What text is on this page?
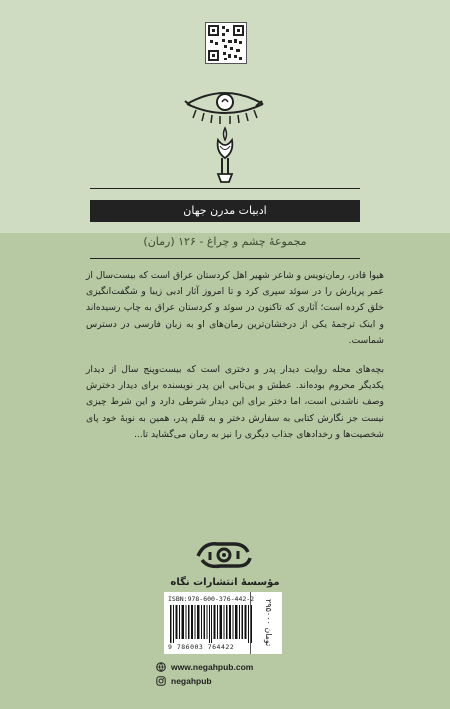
ادبیات مدرن جهان
مجموعهٔ چشم و چراغ - ۱۲۶ (رمان)
هیوا قادر، رمان‌نویس و شاعر شهیر اهل کردستان عراق است که بیست‌سال از عمر پربارش را در سوئد سپری کرد و تا امروز آثار ادبی زیبا و شگفت‌انگیزی خلق کرده است؛ آثاری که تاکنون در سوئد و کردستان عراق به چاپ رسیده‌اند و اینک ترجمهٔ یکی از درخشان‌ترین رمان‌های او به زبان فارسی در دسترس شماست.
بچه‌های محله روایت دیدار پدر و دختری است که بیست‌وپنج سال از دیدار یکدیگر محروم بوده‌اند. عطش و بی‌تابی این پدر نویسنده برای دیدار دخترش وصف ناشدنی است، اما دختر برای این دیدار شرطی دارد و این شرط چیزی نیست جز نگارش کتابی به سفارش دختر و به قلم پدر، همین به نوبهٔ خود پای شخصیت‌ها و رخدادهای جذاب دیگری را نیز به رمان می‌گشاید تا...
مؤسسهٔ انتشارات نگاه
ISBN:978-600-376-442-2
9 786003 764422
۲۹۵۰۰۰ تومان
www.negahpub.com
negahpub
